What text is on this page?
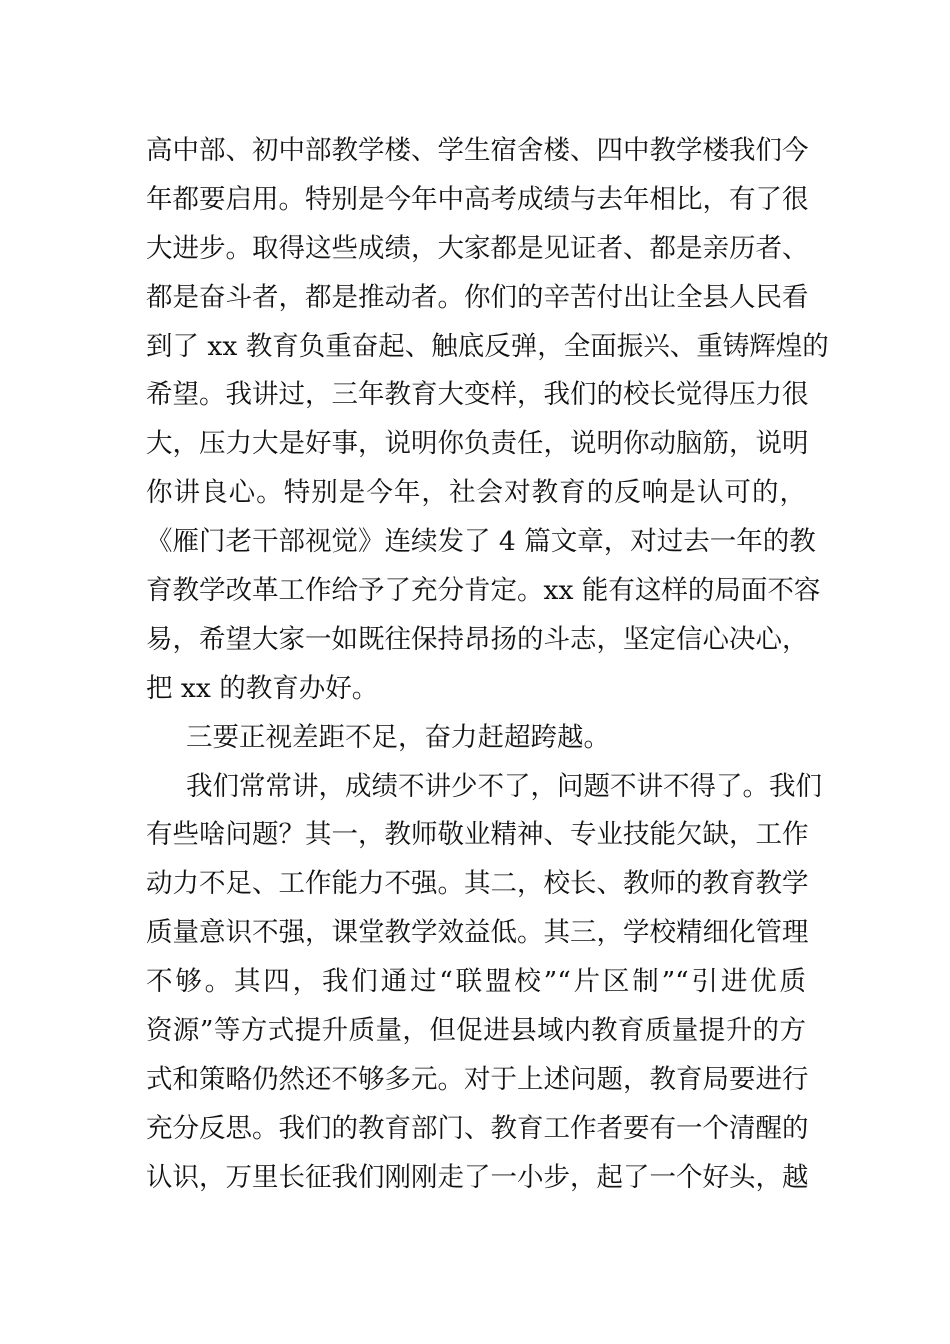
高中部、初中部教学楼、学生宿舍楼、四中教学楼我们今
年都要启用。特别是今年中高考成绩与去年相比，有了很
大进步。取得这些成绩，大家都是见证者、都是亲历者、
都是奋斗者，都是推动者。你们的辛苦付出让全县人民看
到了 xx 教育负重奋起、触底反弹，全面振兴、重铸辉煌的
希望。我讲过，三年教育大变样，我们的校长觉得压力很
大，压力大是好事，说明你负责任，说明你动脑筋，说明
你讲良心。特别是今年，社会对教育的反响是认可的，
《雁门老干部视觉》连续发了 4 篇文章，对过去一年的教
育教学改革工作给予了充分肯定。xx 能有这样的局面不容
易，希望大家一如既往保持昂扬的斗志，坚定信心决心，
把 xx 的教育办好。
三要正视差距不足，奋力赶超跨越。
我们常常讲，成绩不讲少不了，问题不讲不得了。我们
有些啥问题？其一，教师敬业精神、专业技能欠缺，工作
动力不足、工作能力不强。其二，校长、教师的教育教学
质量意识不强，课堂教学效益低。其三，学校精细化管理
不够。其四，我们通过“联盟校”“片区制”“引进优质
资源”等方式提升质量，但促进县域内教育质量提升的方
式和策略仍然还不够多元。对于上述问题，教育局要进行
充分反思。我们的教育部门、教育工作者要有一个清醒的
认识，万里长征我们刚刚走了一小步，起了一个好头，越
